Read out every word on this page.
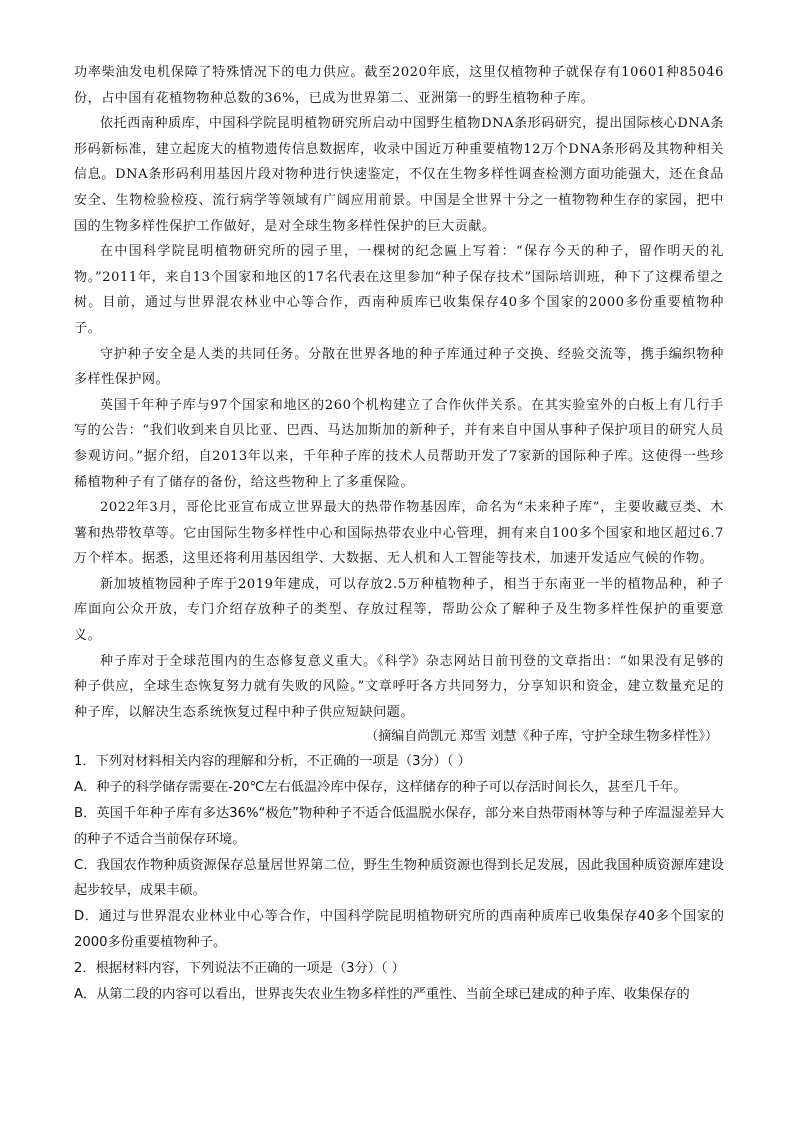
功率柴油发电机保障了特殊情况下的电力供应。截至2020年底，这里仅植物种子就保存有10601种85046份，占中国有花植物物种总数的36%，已成为世界第二、亚洲第一的野生植物种子库。

依托西南种质库，中国科学院昆明植物研究所启动中国野生植物DNA条形码研究，提出国际核心DNA条形码新标准，建立起庞大的植物遗传信息数据库，收录中国近万种重要植物12万个DNA条形码及其物种相关信息。DNA条形码利用基因片段对物种进行快速鉴定，不仅在生物多样性调查检测方面功能强大，还在食品安全、生物检验检疫、流行病学等领域有广阔应用前景。中国是全世界十分之一植物物种生存的家园，把中国的生物多样性保护工作做好，是对全球生物多样性保护的巨大贡献。

在中国科学院昆明植物研究所的园子里，一棵树的纪念匾上写着：“保存今天的种子，留作明天的礼物。”2011年，来自13个国家和地区的17名代表在这里参加“种子保存技术”国际培训班，种下了这棵希望之树。目前，通过与世界混农林业中心等合作，西南种质库已收集保存40多个国家的2000多份重要植物种子。

守护种子安全是人类的共同任务。分散在世界各地的种子库通过种子交换、经验交流等，携手编织物种多样性保护网。

英国千年种子库与97个国家和地区的260个机构建立了合作伙伴关系。在其实验室外的白板上有几行手写的公告：“我们收到来自贝比亚、巴西、马达加斯加的新种子，并有来自中国从事种子保护项目的研究人员参观访问。”据介绍，自2013年以来，千年种子库的技术人员帮助开发了7家新的国际种子库。这使得一些珍稀植物种子有了储存的备份，给这些物种上了多重保险。

2022年3月，哥伦比亚宣布成立世界最大的热带作物基因库，命名为“未来种子库”，主要收藏豆类、木薯和热带牧草等。它由国际生物多样性中心和国际热带农业中心管理，拥有来自100多个国家和地区超过6.7万个样本。据悉，这里还将利用基因组学、大数据、无人机和人工智能等技术，加速开发适应气候的作物。

新加坡植物园种子库于2019年建成，可以存放2.5万种植物种子，相当于东南亚一半的植物品种，种子库面向公众开放，专门介绍存放种子的类型、存放过程等，帮助公众了解种子及生物多样性保护的重要意义。

种子库对于全球范围内的生态修复意义重大。《科学》杂志网站日前刊登的文章指出：“如果没有足够的种子供应，全球生态恢复努力就有失败的风险。”文章呼吁各方共同努力，分享知识和资金，建立数量充足的种子库，以解决生态系统恢复过程中种子供应短缺问题。

（摘编自尚凯元 郑雪 刘慧《种子库，守护全球生物多样性》）

1．下列对材料相关内容的理解和分析，不正确的一项是（3分）（ ）

A．种子的科学储存需要在-20℃左右低温冷库中保存，这样储存的种子可以存活时间长久，甚至几千年。

B．英国千年种子库有多达36%“极危”物种种子不适合低温脱水保存，部分来自热带雨林等与种子库温湿差异大的种子不适合当前保存环境。

C．我国农作物种质资源保存总量居世界第二位，野生生物种质资源也得到长足发展，因此我国种质资源库建设起步较早，成果丰硕。

D．通过与世界混农业林业中心等合作，中国科学院昆明植物研究所的西南种质库已收集保存40多个国家的2000多份重要植物种子。

2．根据材料内容，下列说法不正确的一项是（3分）（ ）

A．从第二段的内容可以看出，世界丧失农业生物多样性的严重性、当前全球已建成的种子库、收集保存的
